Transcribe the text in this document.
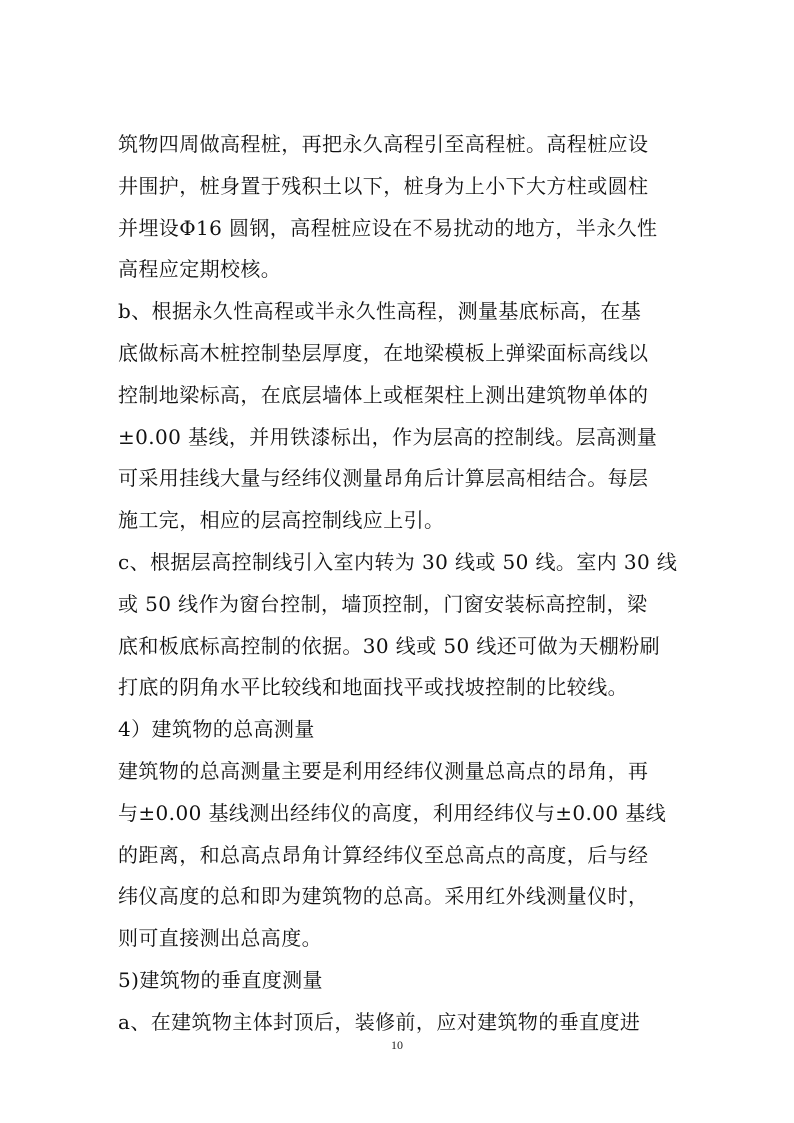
筑物四周做高程桩，再把永久高程引至高程桩。高程桩应设
井围护，桩身置于残积土以下，桩身为上小下大方柱或圆柱
并埋设Φ16 圆钢，高程桩应设在不易扰动的地方，半永久性
高程应定期校核。
b、根据永久性高程或半永久性高程，测量基底标高，在基
底做标高木桩控制垫层厚度，在地梁模板上弹梁面标高线以
控制地梁标高，在底层墙体上或框架柱上测出建筑物单体的
±0.00 基线，并用铁漆标出，作为层高的控制线。层高测量
可采用挂线大量与经纬仪测量昂角后计算层高相结合。每层
施工完，相应的层高控制线应上引。
c、根据层高控制线引入室内转为 30 线或 50 线。室内 30 线
或 50 线作为窗台控制，墙顶控制，门窗安装标高控制，梁
底和板底标高控制的依据。30 线或 50 线还可做为天棚粉刷
打底的阴角水平比较线和地面找平或找坡控制的比较线。
4）建筑物的总高测量
建筑物的总高测量主要是利用经纬仪测量总高点的昂角，再
与±0.00 基线测出经纬仪的高度，利用经纬仪与±0.00 基线
的距离，和总高点昂角计算经纬仪至总高点的高度，后与经
纬仪高度的总和即为建筑物的总高。采用红外线测量仪时，
则可直接测出总高度。
5)建筑物的垂直度测量
a、在建筑物主体封顶后，装修前，应对建筑物的垂直度进
10
